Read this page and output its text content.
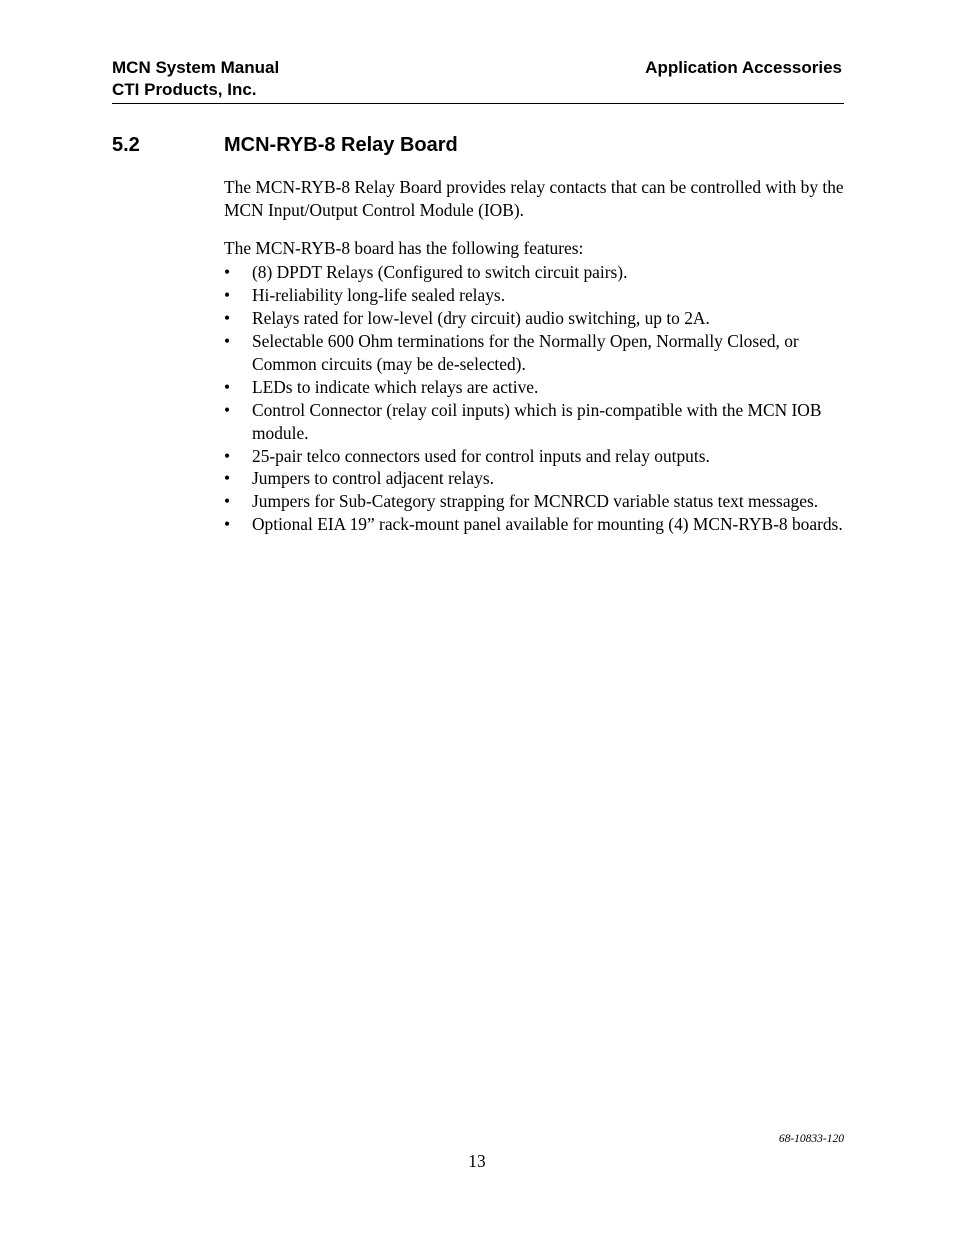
MCN System Manual
CTI Products, Inc.
Application Accessories
5.2	MCN-RYB-8 Relay Board

The MCN-RYB-8 Relay Board provides relay contacts that can be controlled with by the MCN Input/Output Control Module (IOB).

The MCN-RYB-8 board has the following features:

•	(8) DPDT Relays (Configured to switch circuit pairs).
•	Hi-reliability long-life sealed relays.
•	Relays rated for low-level (dry circuit) audio switching, up to 2A.
•	Selectable 600 Ohm terminations for the Normally Open, Normally Closed, or Common circuits (may be de-selected).
•	LEDs to indicate which relays are active.
•	Control Connector (relay coil inputs) which is pin-compatible with the MCN IOB module.
•	25-pair telco connectors used for control inputs and relay outputs.
•	Jumpers to control adjacent relays.
•	Jumpers for Sub-Category strapping for MCNRCD variable status text messages.
•	Optional EIA 19” rack-mount panel available for mounting (4) MCN-RYB-8 boards.
68-10833-120
13
